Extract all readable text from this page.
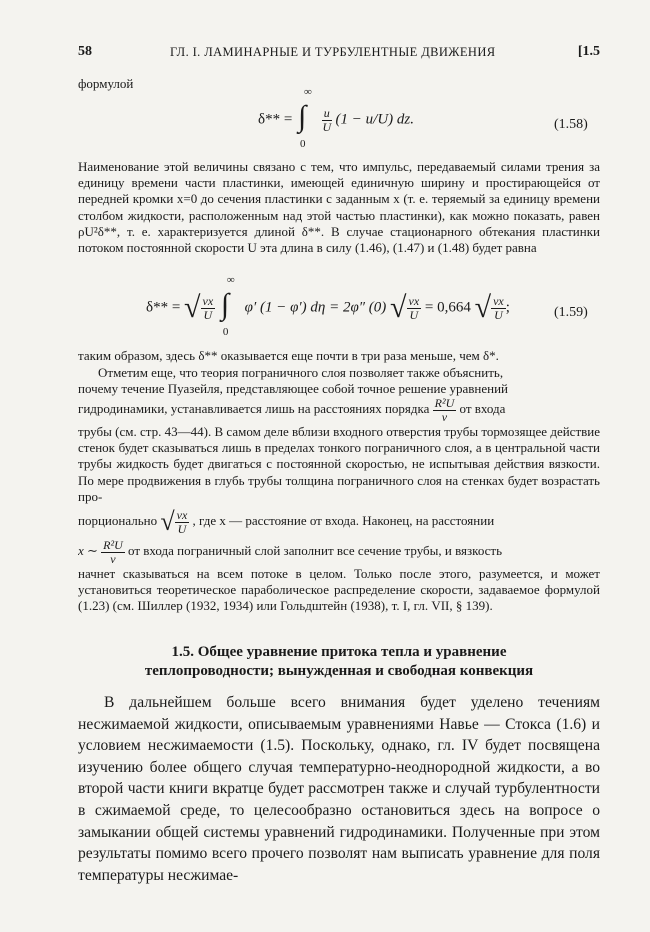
58	ГЛ. I. ЛАМИНАРНЫЕ И ТУРБУЛЕНТНЫЕ ДВИЖЕНИЯ	[1.5
формулой
δ** =
∞
∫
0

$\frac{u}{U} (1 - u/U)$ dz.	(1.58)
Наименование этой величины связано с тем, что импульс, передаваемый силами трения за единицу времени части пластинки, имеющей единичную ширину и простирающейся от передней кромки x=0 до сечения пластинки с заданным x (т. е. теряемый за единицу времени столбом жидкости, расположенным над этой частью пластинки), как можно показать, равен ρU²δ**, т. е. характеризуется длиной δ**. В случае стационарного обтекания пластинки потоком постоянной скорости U эта длина в силу (1.46), (1.47) и (1.48) будет равна
δ** = √ $\frac{\nu x}{U}$

∞
∫
0
φ′ (1 − φ′) dη = 2φ″ (0) √ $\frac{\nu x}{U} = 0,664$ √ $\frac{\nu x}{U}$ ;	(1.59)
таким образом, здесь δ** оказывается еще почти в три раза меньше, чем δ*.
Отметим еще, что теория пограничного слоя позволяет также объяснить,
почему течение Пуазейля, представляющее собой точное решение уравнений
гидродинамики, устанавливается лишь на расстояниях порядка $\frac{\text{R²U}}{\nu}$ от входа
трубы (см. стр. 43—44). В самом деле вблизи входного отверстия трубы тормозящее действие стенок будет сказываться лишь в пределах тонкого пограничного слоя, а в центральной части трубы жидкость будет двигаться с постоянной скоростью, не испытывая действия вязкости. По мере продвижения в глубь трубы толщина пограничного слоя на стенках будет возрастать про-
порционально √ $\frac{\nu x}{U}$ , где x — расстояние от входа. Наконец, на расстоянии
x ∼ $\frac{\text{R²U}}{\nu}$ от входа пограничный слой заполнит все сечение трубы, и вязкость
начнет сказываться на всем потоке в целом. Только после этого, разумеется, и может установиться теоретическое параболическое распределение скорости, задаваемое формулой (1.23) (см. Шиллер (1932, 1934) или Гольдштейн (1938), т. I, гл. VII, § 139).
1.5. Общее уравнение притока тепла и уравнение
теплопроводности; вынужденная и свободная конвекция
В дальнейшем больше всего внимания будет уделено течениям несжимаемой жидкости, описываемым уравнениями Навье — Стокса (1.6) и условием несжимаемости (1.5). Поскольку, однако, гл. IV будет посвящена изучению более общего случая температурно-неоднородной жидкости, а во второй части книги вкратце будет рассмотрен также и случай турбулентности в сжимаемой среде, то целесообразно остановиться здесь на вопросе о замыкании общей системы уравнений гидродинамики. Полученные при этом результаты помимо всего прочего позволят нам выписать уравнение для поля температуры несжимае-
